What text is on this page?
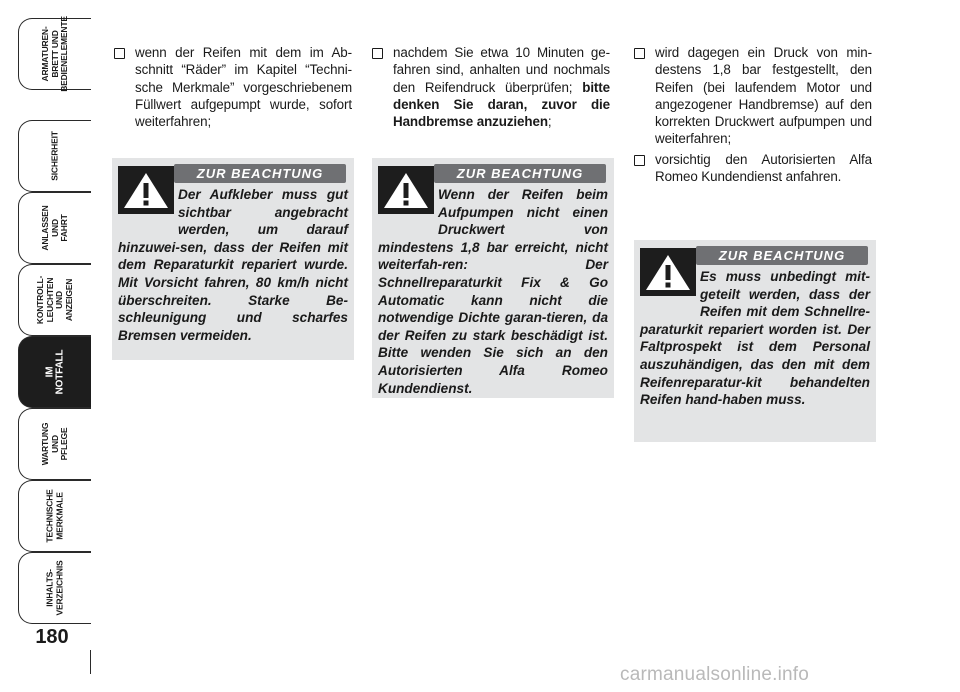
ARMATUREN-
BRETT UND
BEDIENELEMENTE
SICHERHEIT
ANLASSEN
UND FAHRT
KONTROLL-
LEUCHTEN
UND ANZEIGEN
IM NOTFALL
WARTUNG
UND PFLEGE
TECHNISCHE
MERKMALE
INHALTS-
VERZEICHNIS
180
wenn der Reifen mit dem im Ab-schnitt “Räder” im Kapitel “Techni-sche Merkmale” vorgeschriebenem Füllwert aufgepumpt wurde, sofort weiterfahren;
ZUR BEACHTUNG
Der Aufkleber muss gut sichtbar angebracht werden, um darauf hinzuwei-sen, dass der Reifen mit dem Reparaturkit repariert wurde. Mit Vorsicht fahren, 80 km/h nicht überschreiten. Starke Be-schleunigung und scharfes Bremsen vermeiden.
nachdem Sie etwa 10 Minuten ge-fahren sind, anhalten und nochmals den Reifendruck überprüfen; bitte denken Sie daran, zuvor die Handbremse anzuziehen;
ZUR BEACHTUNG
Wenn der Reifen beim Aufpumpen nicht einen Druckwert von mindestens 1,8 bar erreicht, nicht weiterfah-ren: Der Schnellreparaturkit Fix & Go Automatic kann nicht die notwendige Dichte garan-tieren, da der Reifen zu stark beschädigt ist. Bitte wenden Sie sich an den Autorisierten Alfa Romeo Kundendienst.
wird dagegen ein Druck von min-destens 1,8 bar festgestellt, den Reifen (bei laufendem Motor und angezogener Handbremse) auf den korrekten Druckwert aufpumpen und weiterfahren;
vorsichtig den Autorisierten Alfa Romeo Kundendienst anfahren.
ZUR BEACHTUNG
Es muss unbedingt mit-geteilt werden, dass der Reifen mit dem Schnellre-paraturkit repariert worden ist. Der Faltprospekt ist dem Personal auszuhändigen, das den mit dem Reifenreparatur-kit behandelten Reifen hand-haben muss.
carmanualsonline.info
